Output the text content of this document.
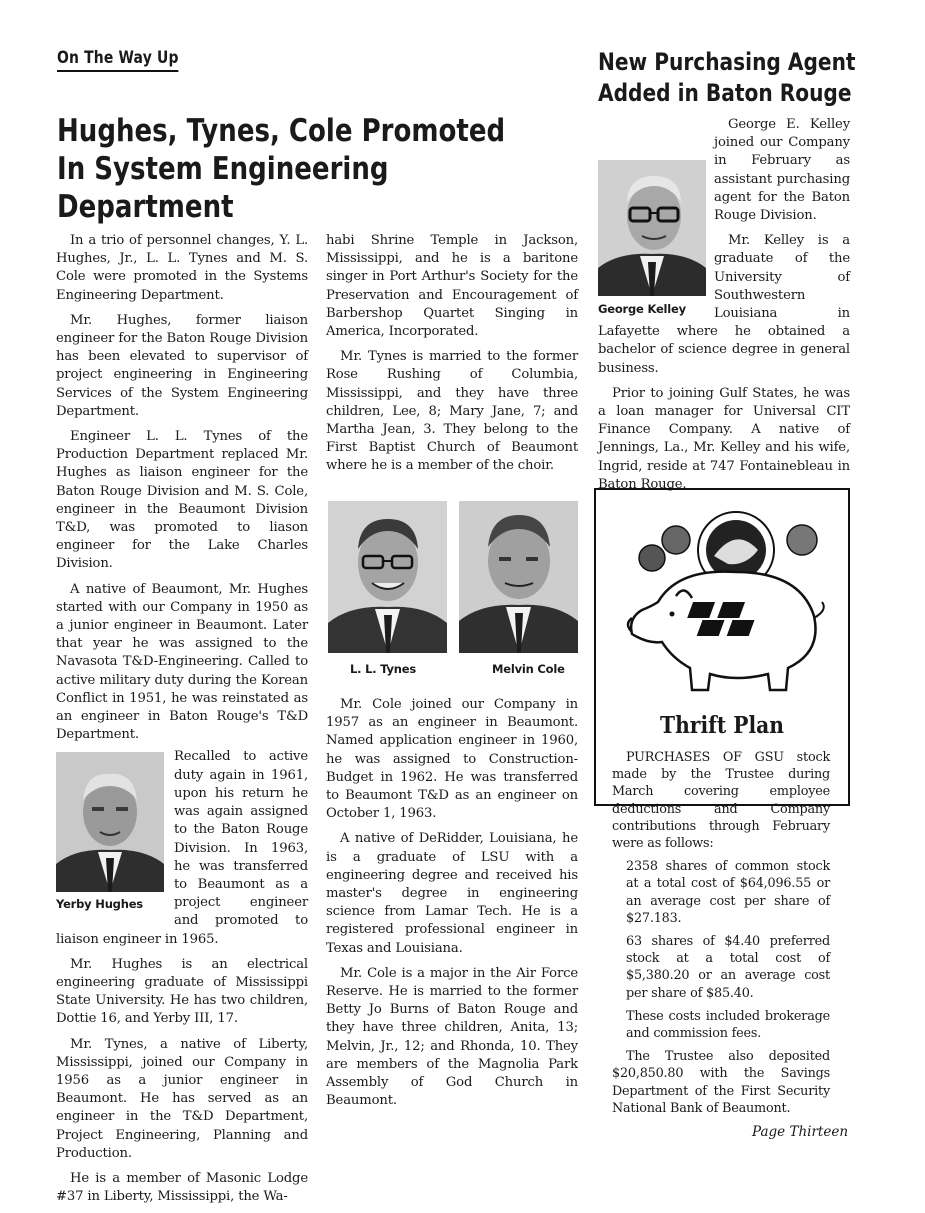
On The Way Up
Hughes, Tynes, Cole Promoted In System Engineering Department

In a trio of personnel changes, Y. L. Hughes, Jr., L. L. Tynes and M. S. Cole were promoted in the Systems Engineering Department.

Mr. Hughes, former liaison engineer for the Baton Rouge Division has been elevated to supervisor of project engineering in Engineering Services of the System Engineering Department.

Engineer L. L. Tynes of the Production Department replaced Mr. Hughes as liaison engineer for the Baton Rouge Division and M. S. Cole, engineer in the Beaumont Division T&D, was promoted to liason engineer for the Lake Charles Division.

A native of Beaumont, Mr. Hughes started with our Company in 1950 as a junior engineer in Beaumont. Later that year he was assigned to the Navasota T&D-Engineering. Called to active military duty during the Korean Conflict in 1951, he was reinstated as an engineer in Baton Rouge's T&D Department.

Yerby Hughes

Recalled to active duty again in 1961, upon his return he was again assigned to the Baton Rouge Division. In 1963, he was transferred to Beaumont as a project engineer and promoted to liaison engineer in 1965.

Mr. Hughes is an electrical engineering graduate of Mississippi State University. He has two children, Dottie 16, and Yerby III, 17.

Mr. Tynes, a native of Liberty, Mississippi, joined our Company in 1956 as a junior engineer in Beaumont. He has served as an engineer in the T&D Department, Project Engineering, Planning and Production.

He is a member of Masonic Lodge #37 in Liberty, Mississippi, the Wa-

habi Shrine Temple in Jackson, Mississippi, and he is a baritone singer in Port Arthur's Society for the Preservation and Encouragement of Barbershop Quartet Singing in America, Incorporated.

Mr. Tynes is married to the former Rose Rushing of Columbia, Mississippi, and they have three children, Lee, 8; Mary Jane, 7; and Martha Jean, 3. They belong to the First Baptist Church of Beaumont where he is a member of the choir.

L. L. Tynes	Melvin Cole

Mr. Cole joined our Company in 1957 as an engineer in Beaumont. Named application engineer in 1960, he was assigned to Construction-Budget in 1962. He was transferred to Beaumont T&D as an engineer on October 1, 1963.

A native of DeRidder, Louisiana, he is a graduate of LSU with a engineering degree and received his master's degree in engineering science from Lamar Tech. He is a registered professional engineer in Texas and Louisiana.

Mr. Cole is a major in the Air Force Reserve. He is married to the former Betty Jo Burns of Baton Rouge and they have three children, Anita, 13; Melvin, Jr., 12; and Rhonda, 10. They are members of the Magnolia Park Assembly of God Church in Beaumont.

New Purchasing Agent Added in Baton Rouge
George Kelley

George E. Kelley joined our Company in February as assistant purchasing agent for the Baton Rouge Division.

Mr. Kelley is a graduate of the University of Southwestern Louisiana in Lafayette where he obtained a bachelor of science degree in general business.

Prior to joining Gulf States, he was a loan manager for Universal CIT Finance Company. A native of Jennings, La., Mr. Kelley and his wife, Ingrid, reside at 747 Fontainebleau in Baton Rouge.

Thrift Plan

PURCHASES OF GSU stock made by the Trustee during March covering employee deductions and Company contributions through February were as follows:

2358 shares of common stock at a total cost of $64,096.55 or an average cost per share of $27.183.

63 shares of $4.40 preferred stock at a total cost of $5,380.20 or an average cost per share of $85.40.

These costs included brokerage and commission fees.

The Trustee also deposited $20,850.80 with the Savings Department of the First Security National Bank of Beaumont.

Page Thirteen
